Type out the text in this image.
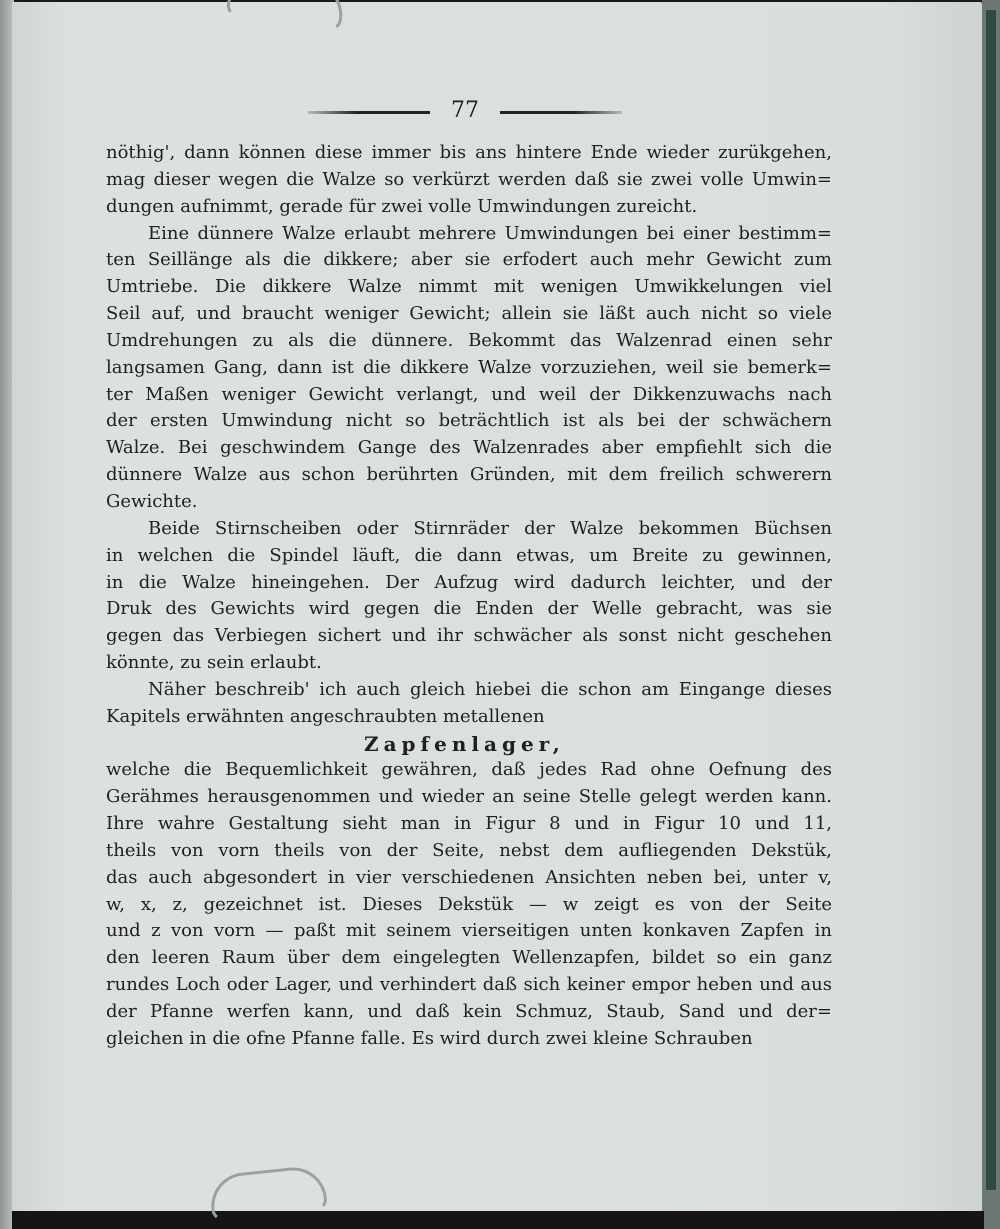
77
nöthig', dann können diese immer bis ans hintere Ende wieder zurükgehen,
mag dieser wegen die Walze so verkürzt werden daß sie zwei volle Umwin=
dungen aufnimmt, gerade für zwei volle Umwindungen zureicht.
Eine dünnere Walze erlaubt mehrere Umwindungen bei einer bestimm=
ten Seillänge als die dikkere; aber sie erfodert auch mehr Gewicht zum
Umtriebe. Die dikkere Walze nimmt mit wenigen Umwikkelungen viel
Seil auf, und braucht weniger Gewicht; allein sie läßt auch nicht so viele
Umdrehungen zu als die dünnere. Bekommt das Walzenrad einen sehr
langsamen Gang, dann ist die dikkere Walze vorzuziehen, weil sie bemerk=
ter Maßen weniger Gewicht verlangt, und weil der Dikkenzuwachs nach
der ersten Umwindung nicht so beträchtlich ist als bei der schwächern
Walze. Bei geschwindem Gange des Walzenrades aber empfiehlt sich die
dünnere Walze aus schon berührten Gründen, mit dem freilich schwerern
Gewichte.
Beide Stirnscheiben oder Stirnräder der Walze bekommen Büchsen
in welchen die Spindel läuft, die dann etwas, um Breite zu gewinnen,
in die Walze hineingehen. Der Aufzug wird dadurch leichter, und der
Druk des Gewichts wird gegen die Enden der Welle gebracht, was sie
gegen das Verbiegen sichert und ihr schwächer als sonst nicht geschehen
könnte, zu sein erlaubt.
Näher beschreib' ich auch gleich hiebei die schon am Eingange dieses
Kapitels erwähnten angeschraubten metallenen
Zapfenlager,
welche die Bequemlichkeit gewähren, daß jedes Rad ohne Oefnung des
Gerähmes herausgenommen und wieder an seine Stelle gelegt werden kann.
Ihre wahre Gestaltung sieht man in Figur 8 und in Figur 10 und 11,
theils von vorn theils von der Seite, nebst dem aufliegenden Dekstük,
das auch abgesondert in vier verschiedenen Ansichten neben bei, unter v,
w, x, z, gezeichnet ist. Dieses Dekstük — w zeigt es von der Seite
und z von vorn — paßt mit seinem vierseitigen unten konkaven Zapfen in
den leeren Raum über dem eingelegten Wellenzapfen, bildet so ein ganz
rundes Loch oder Lager, und verhindert daß sich keiner empor heben und aus
der Pfanne werfen kann, und daß kein Schmuz, Staub, Sand und der=
gleichen in die ofne Pfanne falle. Es wird durch zwei kleine Schrauben
